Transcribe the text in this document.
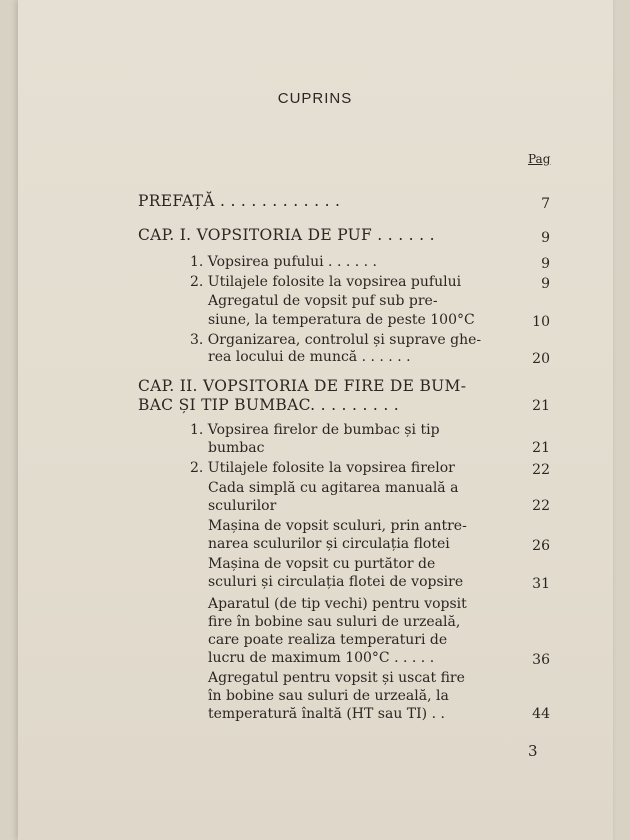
CUPRINS
Pag
PREFAȚĂ . . . . . . . . . . . .	7
CAP. I. VOPSITORIA DE PUF . . . . . .	9
1. Vopsirea pufului . . . . . .	9
2. Utilajele folosite la vopsirea pufului	9
Agregatul de vopsit puf sub pre-
siune, la temperatura de peste 100°C	10
3. Organizarea, controlul și suprave ghe-
rea locului de muncă . . . . . .	20
CAP. II. VOPSITORIA DE FIRE DE BUM-
BAC ȘI TIP BUMBAC. . . . . . . . .	21
1. Vopsirea firelor de bumbac și tip
bumbac	21
2. Utilajele folosite la vopsirea firelor	22
Cada simplă cu agitarea manuală a
sculurilor	22
Mașina de vopsit sculuri, prin antre-
narea sculurilor și circulația flotei	26
Mașina de vopsit cu purtător de
sculuri și circulația flotei de vopsire	31
Aparatul (de tip vechi) pentru vopsit
fire în bobine sau suluri de urzeală,
care poate realiza temperaturi de
lucru de maximum 100°C . . . . .	36
Agregatul pentru vopsit și uscat fire
în bobine sau suluri de urzeală, la
temperatură înaltă (HT sau TI) . .	44
3
